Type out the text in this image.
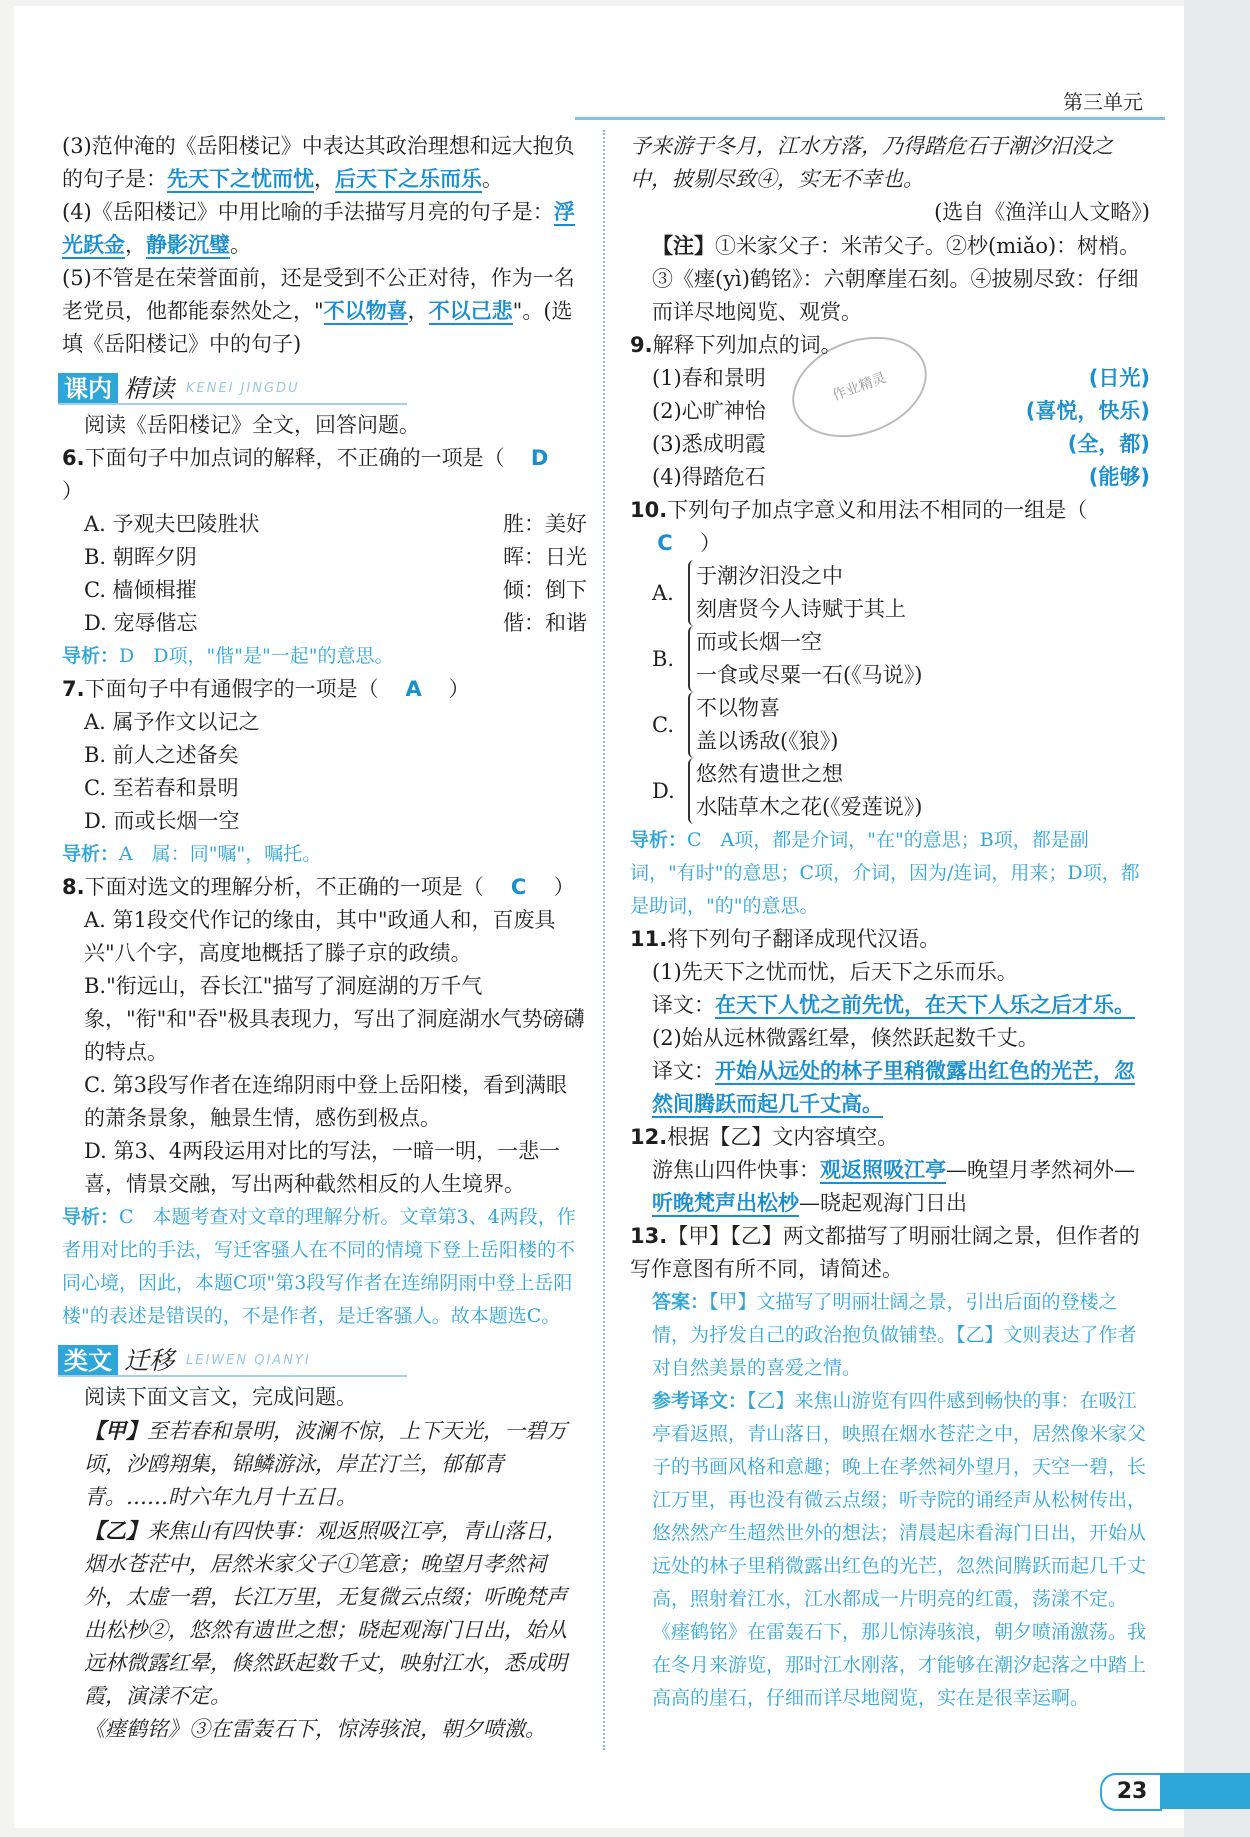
第三单元
作业精灵

(3)范仲淹的《岳阳楼记》中表达其政治理想和远大抱负的句子是：先天下之忧而忧，后天下之乐而乐。

(4)《岳阳楼记》中用比喻的手法描写月亮的句子是：浮光跃金，静影沉璧。

(5)不管是在荣誉面前，还是受到不公正对待，作为一名老党员，他都能泰然处之，"不以物喜，不以己悲"。(选填《岳阳楼记》中的句子)

课内 精读 KENEI JINGDU

阅读《岳阳楼记》全文，回答问题。

6.下面句子中加点词的解释，不正确的一项是（ D）

A. 予观夫巴陵胜状	胜：美好
B. 朝晖夕阴	晖：日光
C. 樯倾楫摧	倾：倒下
D. 宠辱偕忘	偕：和谐

导析：D　D项，"偕"是"一起"的意思。

7.下面句子中有通假字的一项是（ A ）

A. 属予作文以记之

B. 前人之述备矣

C. 至若春和景明

D. 而或长烟一空

导析：A　属：同"嘱"，嘱托。

8.下面对选文的理解分析，不正确的一项是（ C ）

A. 第1段交代作记的缘由，其中"政通人和，百废具兴"八个字，高度地概括了滕子京的政绩。

B."衔远山，吞长江"描写了洞庭湖的万千气象，"衔"和"吞"极具表现力，写出了洞庭湖水气势磅礴的特点。

C. 第3段写作者在连绵阴雨中登上岳阳楼，看到满眼的萧条景象，触景生情，感伤到极点。

D. 第3、4两段运用对比的写法，一暗一明，一悲一喜，情景交融，写出两种截然相反的人生境界。

导析：C　本题考查对文章的理解分析。文章第3、4两段，作者用对比的手法，写迁客骚人在不同的情境下登上岳阳楼的不同心境，因此，本题C项"第3段写作者在连绵阴雨中登上岳阳楼"的表述是错误的，不是作者，是迁客骚人。故本题选C。

类文 迁移 LEIWEN QIANYI

阅读下面文言文，完成问题。

【甲】至若春和景明，波澜不惊，上下天光，一碧万顷，沙鸥翔集，锦鳞游泳，岸芷汀兰，郁郁青青。……时六年九月十五日。

【乙】来焦山有四快事：观返照吸江亭，青山落日，烟水苍茫中，居然米家父子①笔意；晚望月孝然祠外，太虚一碧，长江万里，无复微云点缀；听晚梵声出松杪②，悠然有遗世之想；晓起观海门日出，始从远林微露红晕，倏然跃起数千丈，映射江水，悉成明霞，演漾不定。

《瘗鹤铭》③在雷轰石下，惊涛骇浪，朝夕喷激。

予来游于冬月，江水方落，乃得踏危石于潮汐汨没之中，披剔尽致④，实无不幸也。

(选自《渔洋山人文略》)

【注】①米家父子：米芾父子。②杪(miǎo)：树梢。③《瘗(yì)鹤铭》：六朝摩崖石刻。④披剔尽致：仔细而详尽地阅览、观赏。

9.解释下列加点的词。

(1)春和景明	(日光)
(2)心旷神怡	(喜悦，快乐)
(3)悉成明霞	(全，都)
(4)得踏危石	(能够)

10.下列句子加点字意义和用法不相同的一组是（C ）

A.
于潮汐汨没之中
刻唐贤今人诗赋于其上
B.
而或长烟一空
一食或尽粟一石(《马说》)
C.
不以物喜
盖以诱敌(《狼》)
D.
悠然有遗世之想
水陆草木之花(《爱莲说》)

导析：C　A项，都是介词，"在"的意思；B项，都是副词，"有时"的意思；C项，介词，因为/连词，用来；D项，都是助词，"的"的意思。

11.将下列句子翻译成现代汉语。

(1)先天下之忧而忧，后天下之乐而乐。

译文：在天下人忧之前先忧，在天下人乐之后才乐。

(2)始从远林微露红晕，倏然跃起数千丈。

译文：开始从远处的林子里稍微露出红色的光芒，忽然间腾跃而起几千丈高。

12.根据【乙】文内容填空。

游焦山四件快事：观返照吸江亭—晚望月孝然祠外—听晚梵声出松杪—晓起观海门日出

13.【甲】【乙】两文都描写了明丽壮阔之景，但作者的写作意图有所不同，请简述。

答案：【甲】文描写了明丽壮阔之景，引出后面的登楼之情，为抒发自己的政治抱负做铺垫。【乙】文则表达了作者对自然美景的喜爱之情。

参考译文：【乙】来焦山游览有四件感到畅快的事：在吸江亭看返照，青山落日，映照在烟水苍茫之中，居然像米家父子的书画风格和意趣；晚上在孝然祠外望月，天空一碧，长江万里，再也没有微云点缀；听寺院的诵经声从松树传出，悠然然产生超然世外的想法；清晨起床看海门日出，开始从远处的林子里稍微露出红色的光芒，忽然间腾跃而起几千丈高，照射着江水，江水都成一片明亮的红霞，荡漾不定。

《瘗鹤铭》在雷轰石下，那儿惊涛骇浪，朝夕喷涌激荡。我在冬月来游览，那时江水刚落，才能够在潮汐起落之中踏上高高的崖石，仔细而详尽地阅览，实在是很幸运啊。

23
